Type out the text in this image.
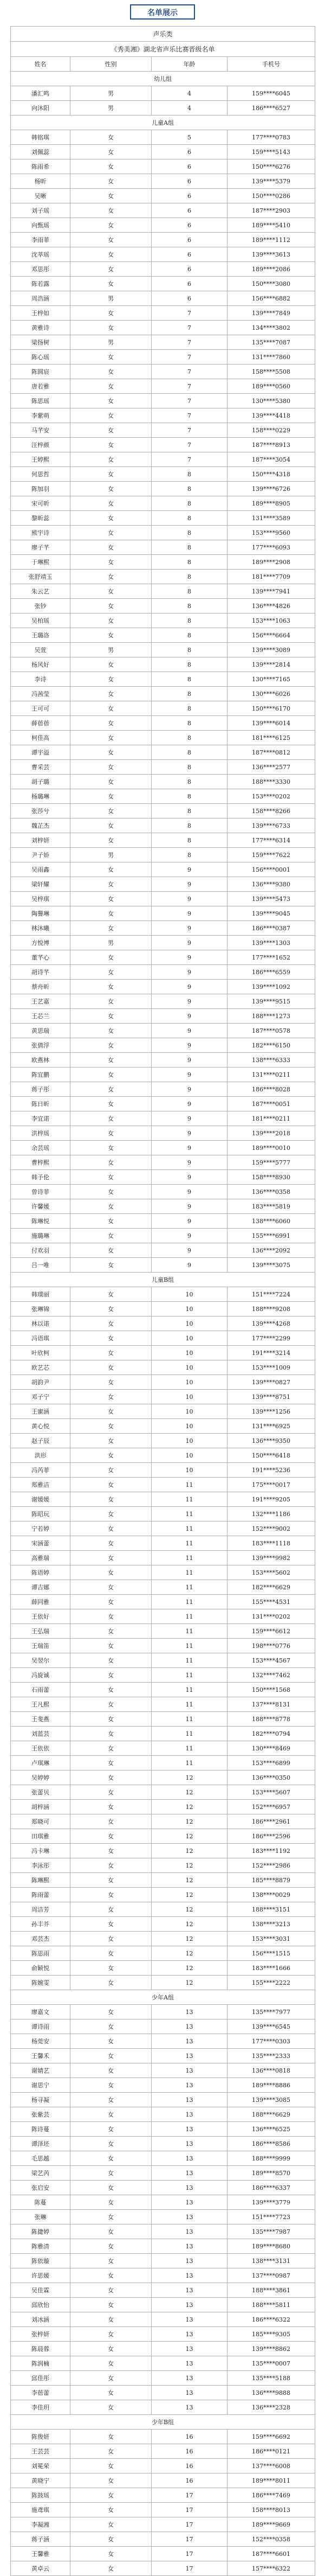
名单展示
声乐类			
《秀美湘》湖北省声乐比赛晋级名单			
姓名	性别	年龄	手机号
幼儿组			
潘汇鸣	男	4	159****6045
向沐阳	男	4	186****6527
儿童A组			
韩铭琪	女	5	177****0783
刘佩蕊	女	6	159****5143
陈雨希	女	6	150****6276
杨昕	女	6	139****5379
吴晰	女	6	150****0286
刘子瑶	女	6	187****2903
向甄瑶	女	6	189****5410
李雨菲	女	6	189****1112
沈莘瑶	女	6	139****3613
邓思彤	女	6	189****2086
陈若露	女	6	150****3080
周浩涵	男	6	156****6882
王梓如	女	7	139****7849
黄雅诗	女	7	134****3802
梁扬树	男	7	135****7087
陈心瑶	女	7	131****7860
陈圆宸	女	7	158****5508
唐若雅	女	7	189****0560
陈思瑶	女	7	130****5380
李紫萌	女	7	139****4418
马芊安	女	7	158****0229
汪梓颜	女	7	187****8913
王婷熙	女	7	187****3054
何思哲	女	8	150****4318
陈加羽	女	8	139****6726
宋可昕	女	8	189****8905
黎昕蕊	女	8	131****3589
熊宇诗	女	8	153****9560
廖子芊	女	8	177****6093
于琳熙	女	8	189****2908
张舒靖玉	女	8	181****7709
朱云艺	女	8	139****7941
张钞	女	8	136****4826
吴柏瑶	女	8	153****1063
王璐洛	女	8	156****6664
吴萱	男	8	139****3089
杨风好	女	8	139****2814
李诗	女	8	130****7165
冯茜莹	女	8	130****6026
王可可	女	8	150****6170
薛蓓蓓	女	8	139****6014
柯佳高	女	8	181****6125
谭宇溢	女	8	187****0812
曹采芸	女	8	136****2577
胡子璐	女	8	188****3330
杨璐琳	女	8	153****0202
张莎兮	女	8	158****8266
魏芷杰	女	8	139****6733
刘梓妍	女	8	177****6314
尹子娇	男	8	159****7622
吴雨鑫	女	9	156****0001
梁轩耀	女	9	136****9380
吴梓琪	女	9	139****5473
陶譽琳	女	9	139****9045
林沐曦	女	9	186****0387
方悦博	男	9	139****1303
董芊心	女	9	177****1652
胡诗芊	女	9	186****6559
蔡舟昕	女	9	139****1092
王艺嘉	女	9	139****9515
王芯兰	女	9	188****1273
黄思瑞	女	9	187****0578
张倩浮	女	9	182****6150
欧燕林	女	9	138****6333
陈宜鹏	女	9	131****0211
蒋子彤	女	9	186****8028
陈日昕	女	9	187****0051
李宜诺	女	9	181****0211
洪梓瑶	女	9	139****2018
余芸瑶	女	9	189****0010
曹梓熙	女	9	159****5777
韩予伦	女	9	158****8930
曾诗菲	女	9	136****0358
许馨媛	女	9	183****5819
陈琳悦	女	9	138****6060
施璐琳	女	9	155****6991
付欢羽	女	9	136****2092
吕一唯	女	9	139****3075
儿童B组			
韩璞丽	女	10	151****7224
张琳锦	女	10	188****9208
林以诺	女	10	139****4268
冯语琪	女	10	177****2299
叶欣柯	女	10	191****3214
欧艺芯	女	10	153****1009
胡韵尹	女	10	139****0827
邓子宁	女	10	139****8751
王蜜涵	女	10	139****1256
黄心悦	女	10	131****6925
赵子辰	女	10	136****9350
洪形	女	10	150****6418
冯芮菲	女	10	191****5236
郑雅洁	女	11	175****0017
谢媛媛	女	11	191****9205
陈昭玩	女	11	132****1186
宁若婷	女	11	152****9002
宋涵蕾	女	11	183****1118
高雅瑞	女	11	139****9982
陈语婷	女	11	153****5602
谭吉娜	女	11	182****6629
薛同雅	女	11	155****4531
王依好	女	11	131****0202
王弘瑞	女	11	159****6612
王瑞笛	女	11	198****0776
吴翌尔	女	11	153****4567
冯旋诚	女	11	132****7462
石雨蕾	女	11	150****1568
王凡熙	女	11	137****8131
王斐燕	女	11	188****8778
刘蓝芸	女	11	182****0794
王依依	女	11	130****8469
卢琪琳	女	11	153****6899
吴婷婷	女	12	136****0350
张蕾贝	女	12	153****5607
胡梓涵	女	12	152****6957
郑晓可	女	12	186****2961
田琪雅	女	12	186****2596
冯卡琳	女	12	183****1192
李泳彤	女	12	152****2986
陈琳熙	女	12	185****8879
陈雨蕾	女	12	138****0029
周洁芳	女	12	188****3151
孙丰芥	女	12	138****3213
邓芸杰	女	12	153****3031
陈思雨	女	12	156****1515
俞颖悦	女	12	183****1666
陈婉雯	女	12	155****2222
少年A组			
廖嘉文	女	13	135****7977
谭诗雨	女	13	139****6545
杨莞安	女	13	177****0303
王馨禾	女	13	135****2333
谢婧艺	女	13	136****0818
谢思宁	女	13	189****8886
杨寻凝	女	13	139****3085
张紫芸	女	13	188****6629
陈诗蔓	女	13	136****6525
谭泽坯	女	13	186****8586
毛思越	女	13	188****9999
梁艺芮	女	13	189****8570
张启安	女	13	186****6337
陈蔓	女	13	139****3779
张琳	女	13	151****7723
陈捷婷	女	13	135****7987
陈雅清	女	13	189****8680
陈依璇	女	13	138****3131
许思媛	女	13	137****0987
吴佳霖	女	13	188****3861
邱欣怡	女	13	188****5811
刘冰涵	女	13	186****6322
张梓妍	女	13	185****9305
陈晨蓉	女	13	139****8862
陈润楠	女	13	135****0007
邱佳彤	女	13	135****5188
李蓓蕾	女	13	136****9888
李佳玥	女	13	136****2328
少年B组			
陈俊妍	女	16	159****6692
王芸芸	女	16	186****0121
刘冕荣	女	16	137****6008
黄晓宁	女	16	189****8011
陈鼓瑶	女	17	186****7469
施鸢琪	女	17	158****8013
李凝湘	女	17	189****9669
蒋子涵	女	17	152****0358
王馨雅	女	17	187****6601
黄卓云	女	17	157****6322
